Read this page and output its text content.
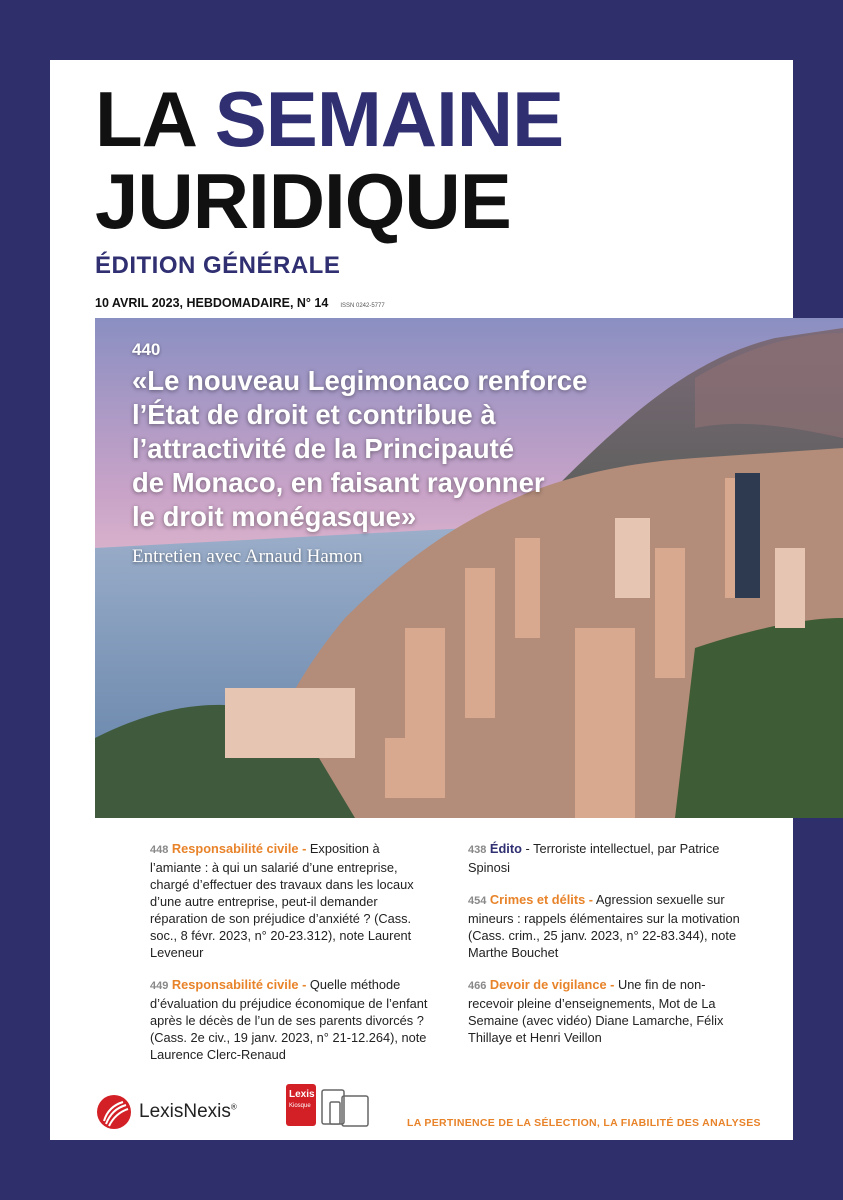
LA SEMAINE
JURIDIQUE
ÉDITION GÉNÉRALE
10 AVRIL 2023, HEBDOMADAIRE, N° 14 ISSN 0242-5777
440
«Le nouveau Legimonaco renforce
l’État de droit et contribue à
l’attractivité de la Principauté
de Monaco, en faisant rayonner
le droit monégasque»
Entretien avec Arnaud Hamon

448 Responsabilité civile - Exposition à l’amiante : à qui un salarié d’une entreprise, chargé d’effectuer des travaux dans les locaux d’une autre entreprise, peut-il demander réparation de son préjudice d’anxiété ? (Cass. soc., 8 févr. 2023, n° 20-23.312), note Laurent Leveneur

449 Responsabilité civile - Quelle méthode d’évaluation du préjudice économique de l’enfant après le décès de l’un de ses parents divorcés ? (Cass. 2e civ., 19 janv. 2023, n° 21-12.264), note Laurence Clerc-Renaud

438 Édito - Terroriste intellectuel, par Patrice Spinosi

454 Crimes et délits - Agression sexuelle sur mineurs : rappels élémentaires sur la motivation (Cass. crim., 25 janv. 2023, n° 22-83.344), note Marthe Bouchet

466 Devoir de vigilance - Une fin de non-recevoir pleine d’enseignements, Mot de La Semaine (avec vidéo) Diane Lamarche, Félix Thillaye et Henri Veillon

LexisNexis®
Lexis
Kiosque
LA PERTINENCE DE LA SÉLECTION, LA FIABILITÉ DES ANALYSES
